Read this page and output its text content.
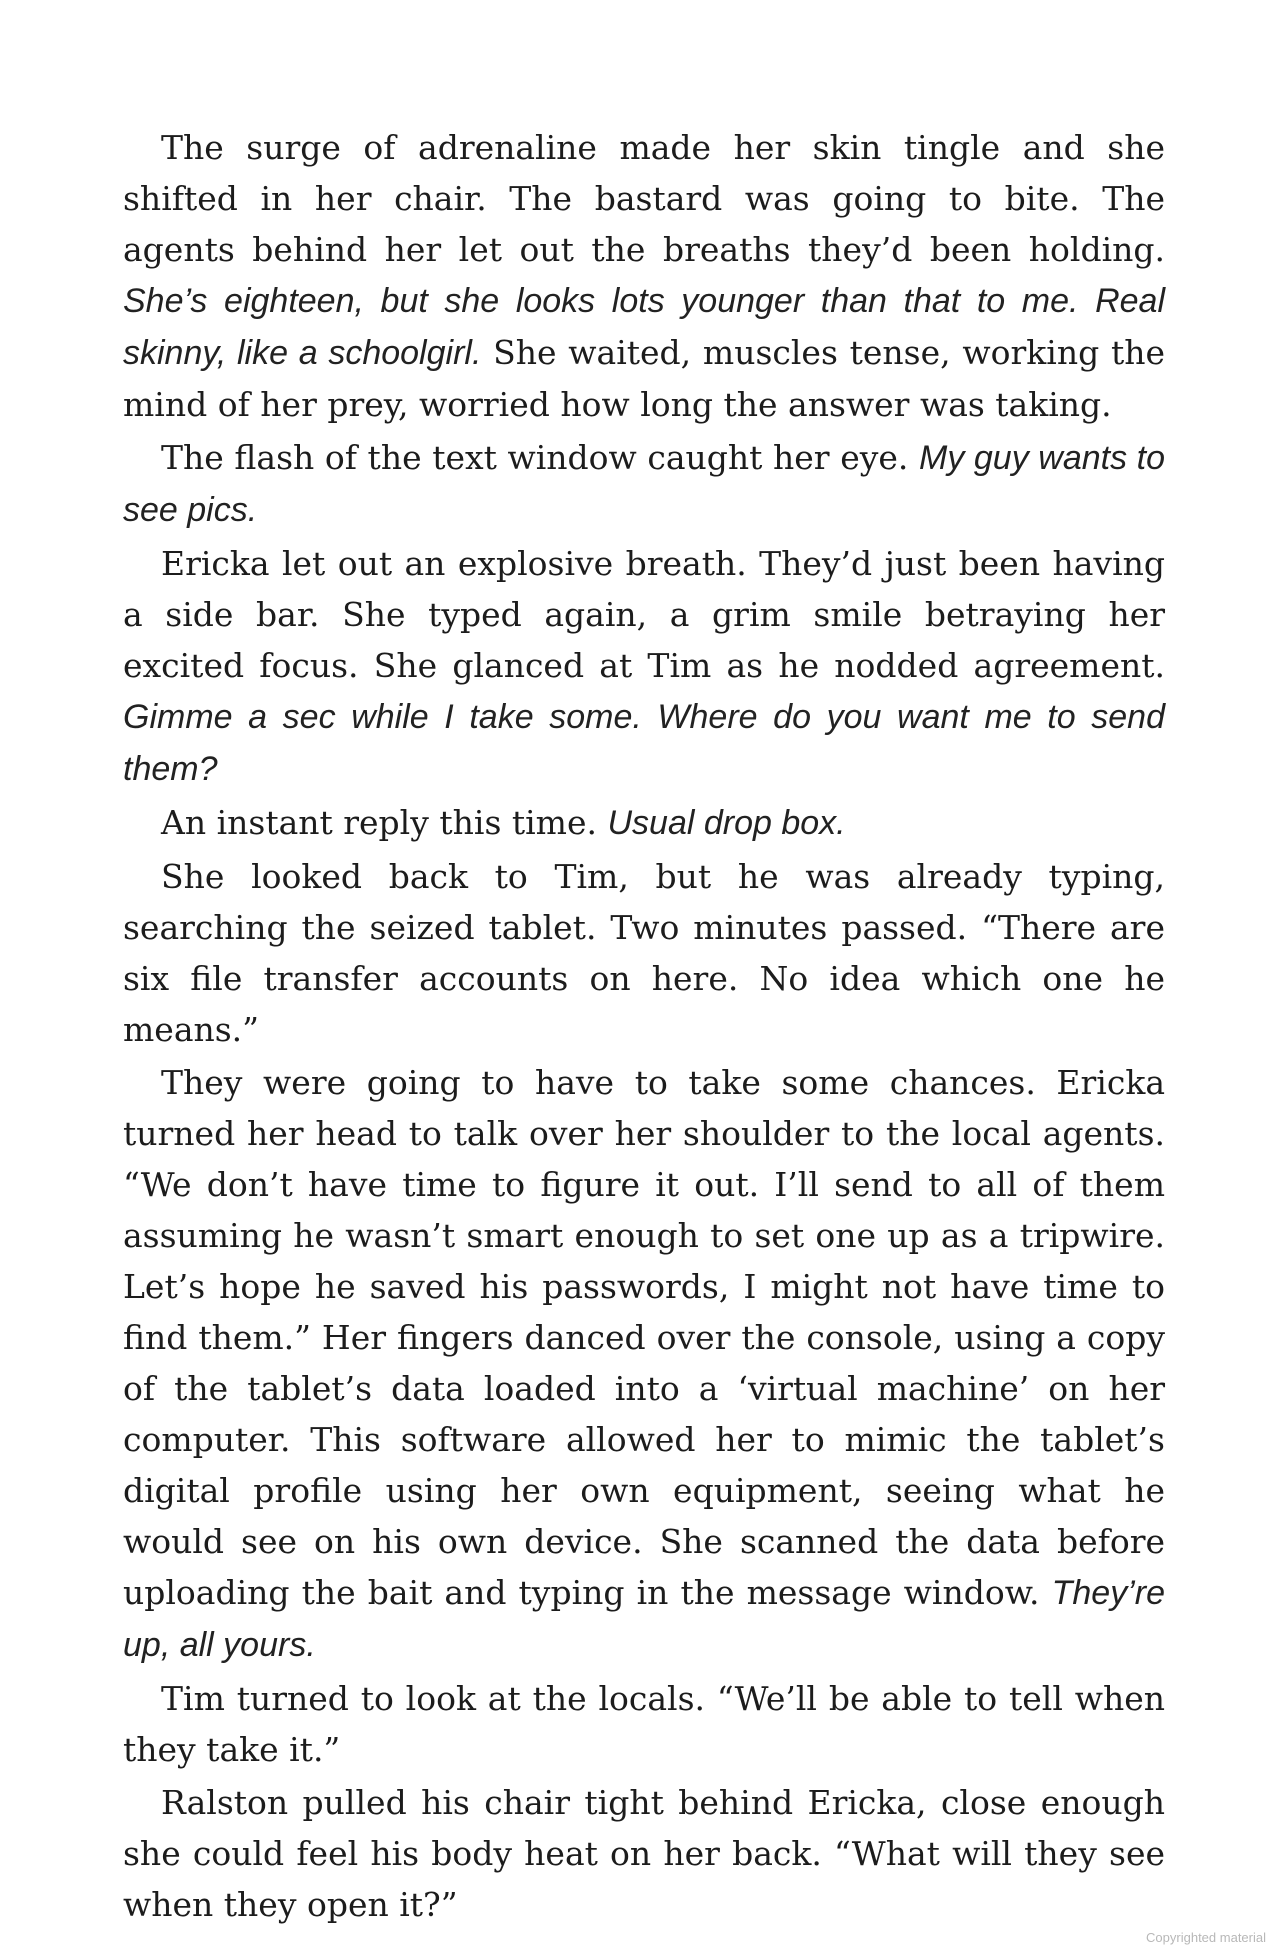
The surge of adrenaline made her skin tingle and she shifted in her chair. The bastard was going to bite. The agents behind her let out the breaths they’d been holding. She’s eighteen, but she looks lots younger than that to me. Real skinny, like a schoolgirl. She waited, muscles tense, working the mind of her prey, worried how long the answer was taking.

The flash of the text window caught her eye. My guy wants to see pics.

Ericka let out an explosive breath. They’d just been having a side bar. She typed again, a grim smile betraying her excited focus. She glanced at Tim as he nodded agreement. Gimme a sec while I take some. Where do you want me to send them?

An instant reply this time. Usual drop box.

She looked back to Tim, but he was already typing, searching the seized tablet. Two minutes passed. “There are six file transfer accounts on here. No idea which one he means.”

They were going to have to take some chances. Ericka turned her head to talk over her shoulder to the local agents. “We don’t have time to figure it out. I’ll send to all of them assuming he wasn’t smart enough to set one up as a tripwire. Let’s hope he saved his passwords, I might not have time to find them.” Her fingers danced over the console, using a copy of the tablet’s data loaded into a ‘virtual machine’ on her computer. This software allowed her to mimic the tablet’s digital profile using her own equipment, seeing what he would see on his own device. She scanned the data before uploading the bait and typing in the message window. They’re up, all yours.

Tim turned to look at the locals. “We’ll be able to tell when they take it.”

Ralston pulled his chair tight behind Ericka, close enough she could feel his body heat on her back. “What will they see when they open it?”

Copyrighted material
